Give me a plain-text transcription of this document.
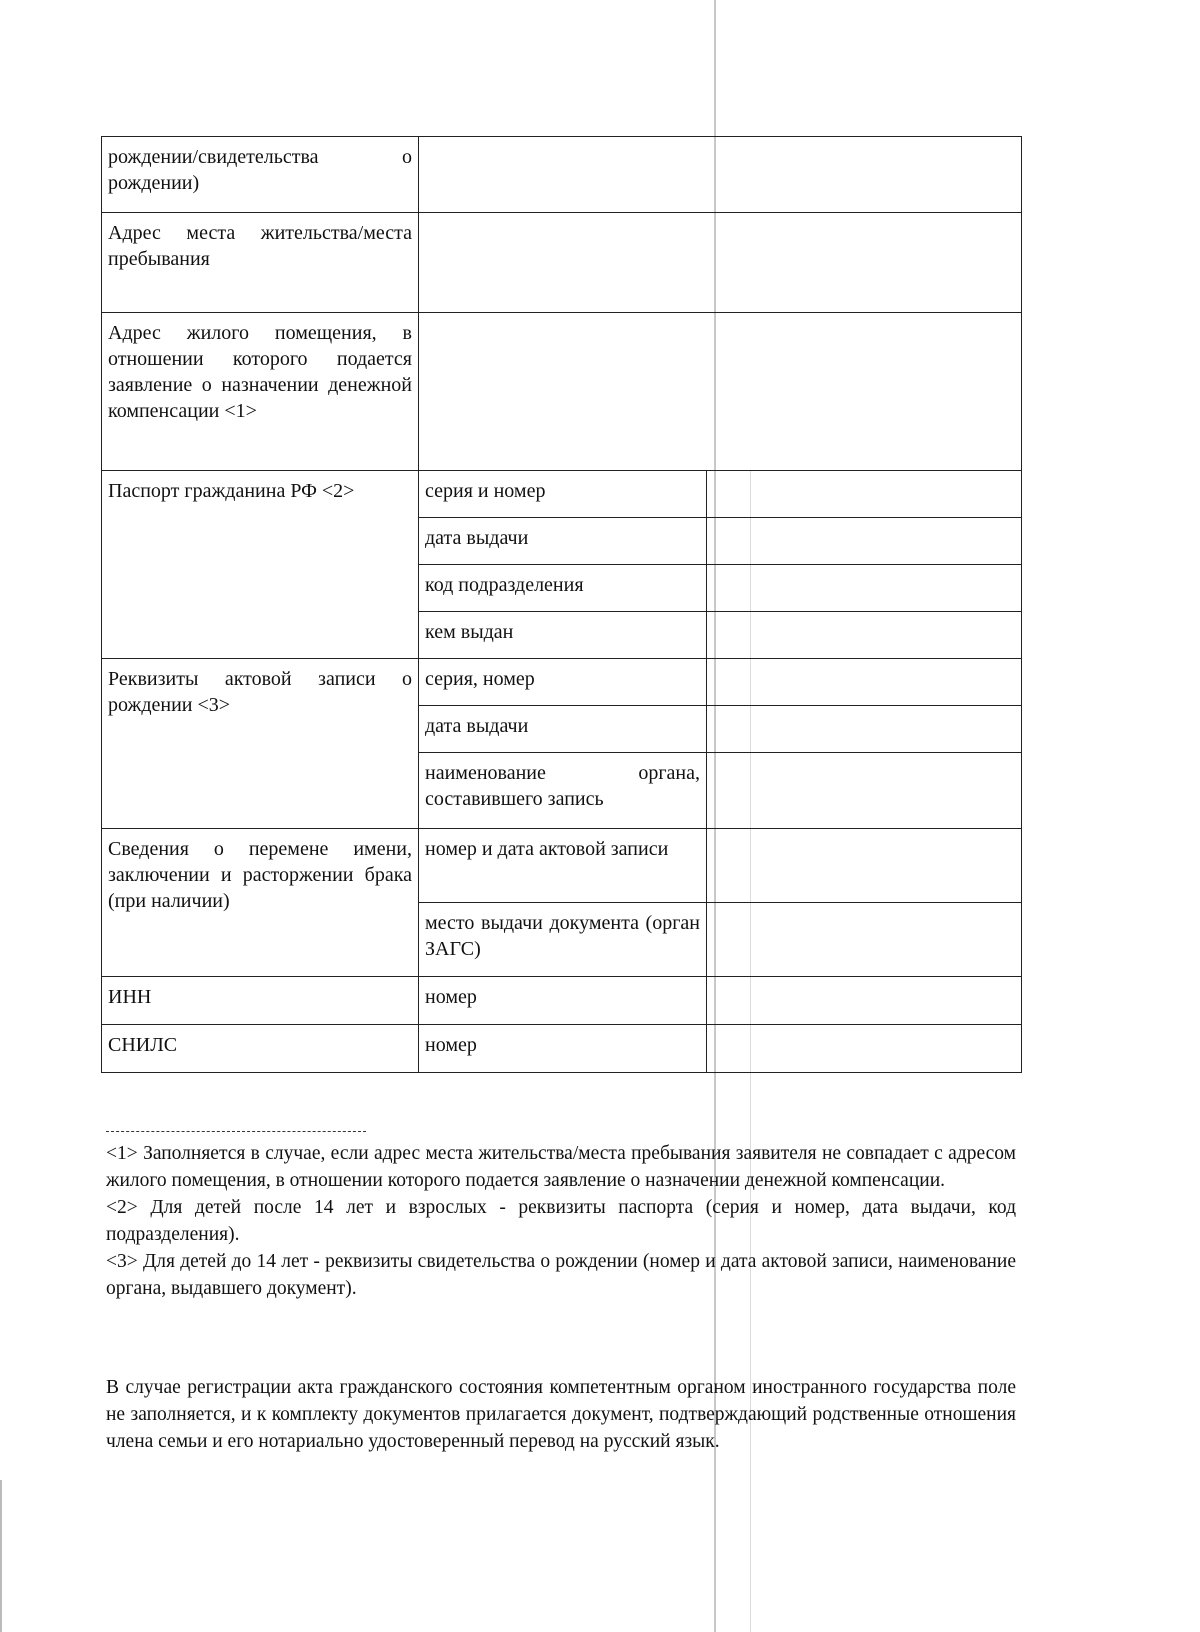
рождении/свидетельства о рождении)		
Адрес места жительства/места пребывания		
Адрес жилого помещения, в отношении которого подается заявление о назначении денежной компенсации <1>		
Паспорт гражданина РФ <2>	серия и номер	
	дата выдачи	
	код подразделения	
	кем выдан	
Реквизиты актовой записи о рождении <3>	серия, номер	
	дата выдачи	
	наименование органа, составившего запись	
Сведения о перемене имени, заключении и расторжении брака (при наличии)	номер и дата актовой записи	
	место выдачи документа (орган ЗАГС)	
ИНН	номер	
СНИЛС	номер	

<1> Заполняется в случае, если адрес места жительства/места пребывания заявителя не совпадает с адресом жилого помещения, в отношении которого подается заявление о назначении денежной компенсации.

<2> Для детей после 14 лет и взрослых - реквизиты паспорта (серия и номер, дата выдачи, код подразделения).

<3> Для детей до 14 лет - реквизиты свидетельства о рождении (номер и дата актовой записи, наименование органа, выдавшего документ).

В случае регистрации акта гражданского состояния компетентным органом иностранного государства поле не заполняется, и к комплекту документов прилагается документ, подтверждающий родственные отношения члена семьи и его нотариально удостоверенный перевод на русский язык.
